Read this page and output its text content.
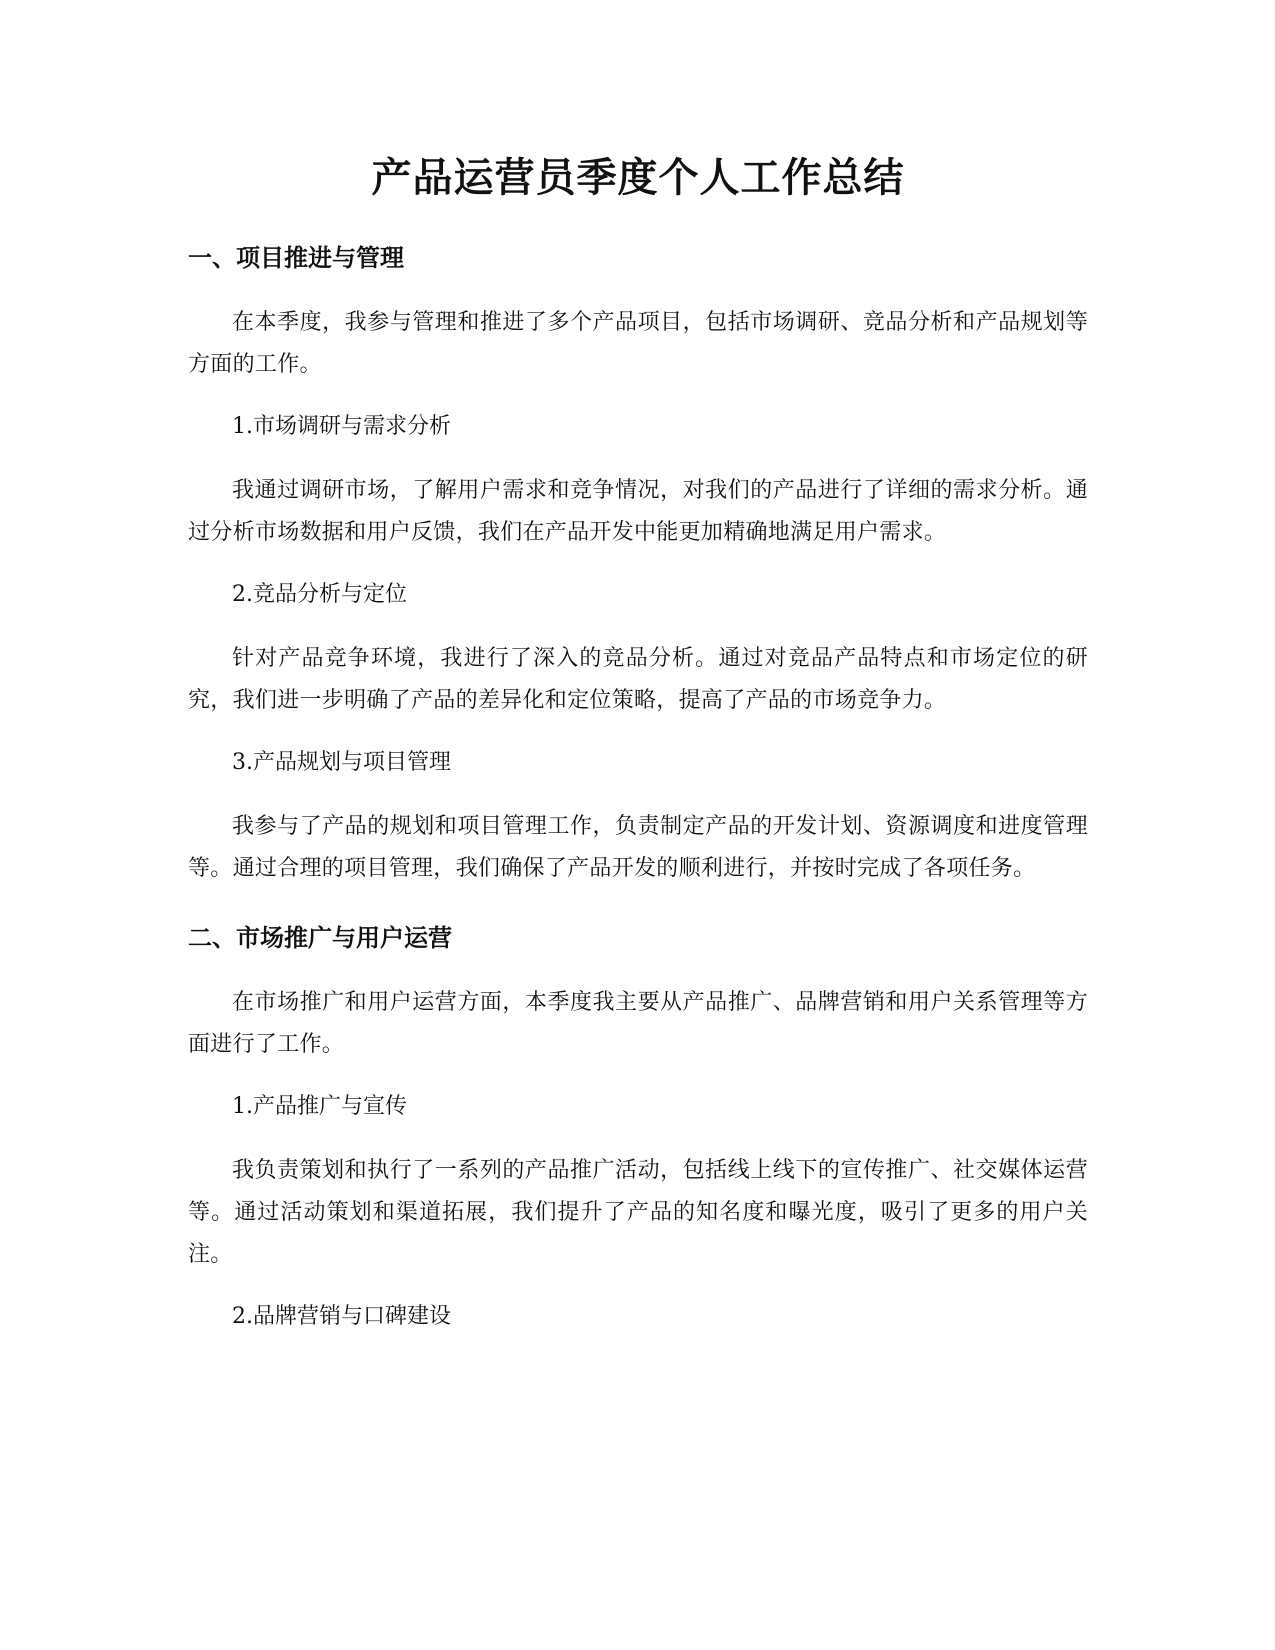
产品运营员季度个人工作总结
一、项目推进与管理

在本季度，我参与管理和推进了多个产品项目，包括市场调研、竞品分析和产品规划等方面的工作。

1.市场调研与需求分析

我通过调研市场，了解用户需求和竞争情况，对我们的产品进行了详细的需求分析。通过分析市场数据和用户反馈，我们在产品开发中能更加精确地满足用户需求。

2.竞品分析与定位

针对产品竞争环境，我进行了深入的竞品分析。通过对竞品产品特点和市场定位的研究，我们进一步明确了产品的差异化和定位策略，提高了产品的市场竞争力。

3.产品规划与项目管理

我参与了产品的规划和项目管理工作，负责制定产品的开发计划、资源调度和进度管理等。通过合理的项目管理，我们确保了产品开发的顺利进行，并按时完成了各项任务。

二、市场推广与用户运营

在市场推广和用户运营方面，本季度我主要从产品推广、品牌营销和用户关系管理等方面进行了工作。

1.产品推广与宣传

我负责策划和执行了一系列的产品推广活动，包括线上线下的宣传推广、社交媒体运营等。通过活动策划和渠道拓展，我们提升了产品的知名度和曝光度，吸引了更多的用户关注。

2.品牌营销与口碑建设
